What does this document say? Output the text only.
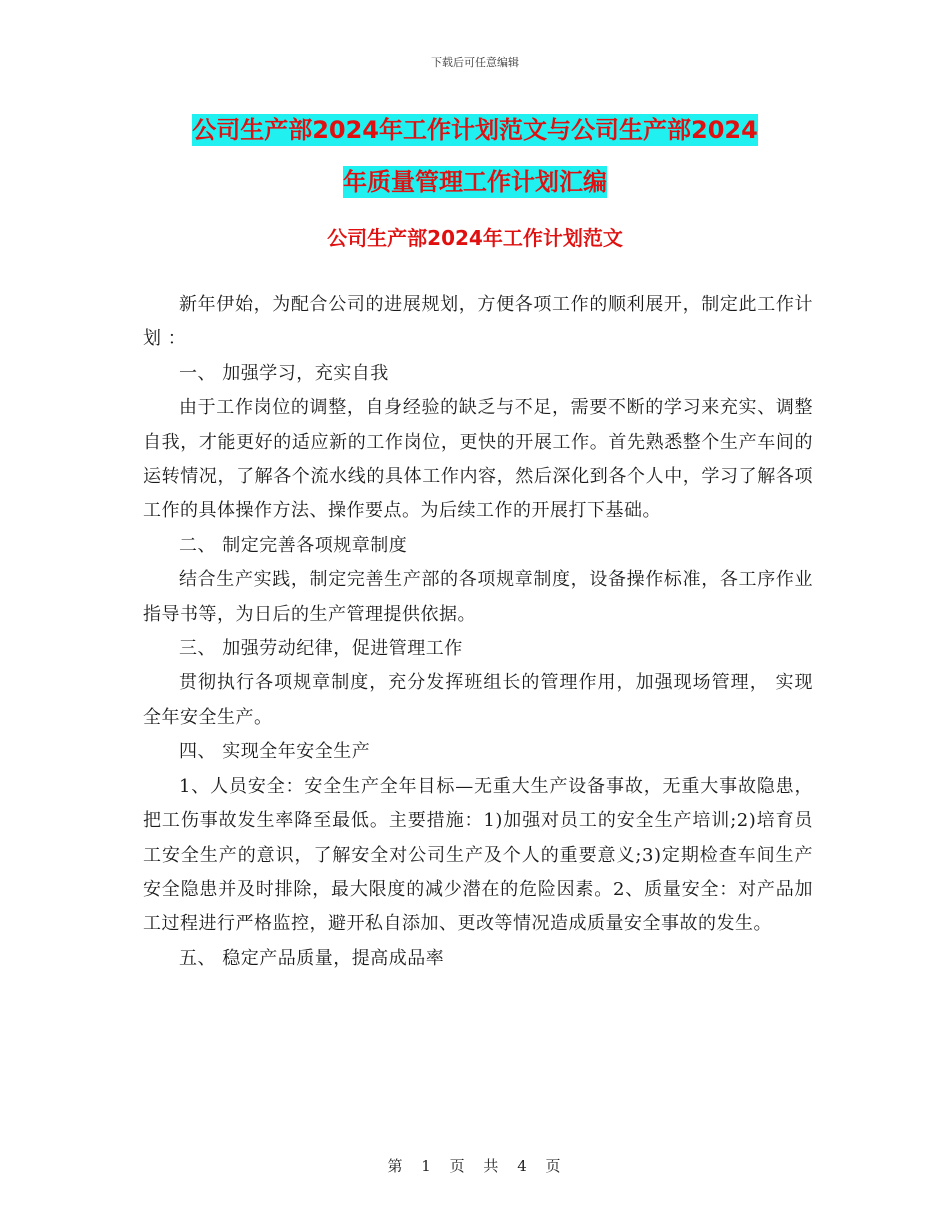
下载后可任意编辑
公司生产部2024年工作计划范文与公司生产部2024
年质量管理工作计划汇编
公司生产部2024年工作计划范文

新年伊始，为配合公司的进展规划，方便各项工作的顺利展开，制定此工作计划 ：

一、 加强学习，充实自我

由于工作岗位的调整，自身经验的缺乏与不足，需要不断的学习来充实、调整自我，才能更好的适应新的工作岗位，更快的开展工作。首先熟悉整个生产车间的运转情况，了解各个流水线的具体工作内容，然后深化到各个人中，学习了解各项工作的具体操作方法、操作要点。为后续工作的开展打下基础。

二、 制定完善各项规章制度

结合生产实践，制定完善生产部的各项规章制度，设备操作标准，各工序作业指导书等，为日后的生产管理提供依据。

三、 加强劳动纪律，促进管理工作

贯彻执行各项规章制度，充分发挥班组长的管理作用，加强现场管理， 实现全年安全生产。

四、 实现全年安全生产

1、人员安全：安全生产全年目标—无重大生产设备事故，无重大事故隐患，把工伤事故发生率降至最低。主要措施：1)加强对员工的安全生产培训;2)培育员工安全生产的意识，了解安全对公司生产及个人的重要意义;3)定期检查车间生产安全隐患并及时排除，最大限度的减少潜在的危险因素。2、质量安全：对产品加工过程进行严格监控，避开私自添加、更改等情况造成质量安全事故的发生。

五、 稳定产品质量，提高成品率

第 1 页 共 4 页
